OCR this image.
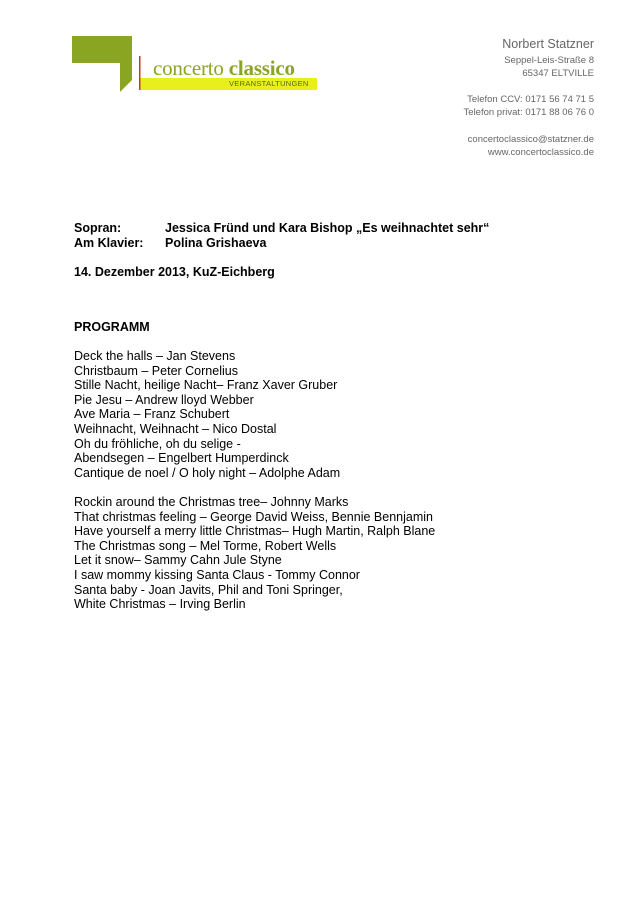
concerto classico
VERANSTALTUNGEN
Norbert Statzner
Seppel-Leis-Straße 8
65347 ELTVILLE
Telefon CCV: 0171 56 74 71 5
Telefon privat: 0171 88 06 76 0
concertoclassico@statzner.de
www.concertoclassico.de
Sopran:	Jessica Fründ und Kara Bishop „Es weihnachtet sehr“
Am Klavier:	Polina Grishaeva
14. Dezember 2013, KuZ-Eichberg
PROGRAMM
Deck the halls – Jan Stevens
Christbaum – Peter Cornelius
Stille Nacht, heilige Nacht– Franz Xaver Gruber
Pie Jesu – Andrew lloyd Webber
Ave Maria – Franz Schubert
Weihnacht, Weihnacht – Nico Dostal
Oh du fröhliche, oh du selige -
Abendsegen – Engelbert Humperdinck
Cantique de noel / O holy night – Adolphe Adam
Rockin around the Christmas tree– Johnny Marks
That christmas feeling – George David Weiss, Bennie Bennjamin
Have yourself a merry little Christmas– Hugh Martin, Ralph Blane
The Christmas song – Mel Torme, Robert Wells
Let it snow– Sammy Cahn Jule Styne
I saw mommy kissing Santa Claus - Tommy Connor
Santa baby - Joan Javits, Phil and Toni Springer,
White Christmas – Irving Berlin
